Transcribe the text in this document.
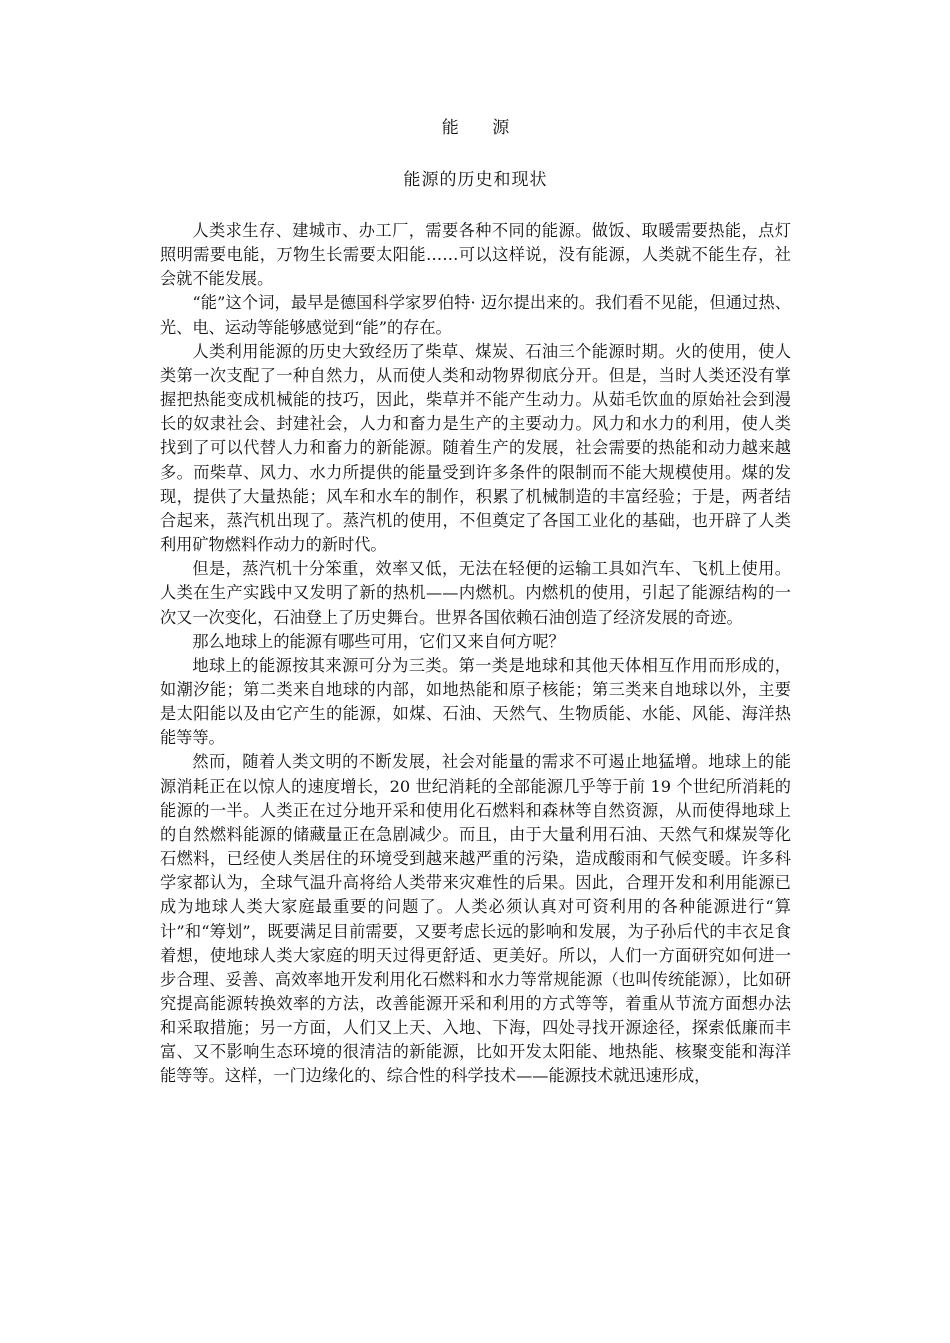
能 源
能源的历史和现状

人类求生存、建城市、办工厂，需要各种不同的能源。做饭、取暖需要热能，点灯照明需要电能，万物生长需要太阳能……可以这样说，没有能源，人类就不能生存，社会就不能发展。

“能”这个词，最早是德国科学家罗伯特· 迈尔提出来的。我们看不见能，但通过热、光、电、运动等能够感觉到“能”的存在。

人类利用能源的历史大致经历了柴草、煤炭、石油三个能源时期。火的使用，使人类第一次支配了一种自然力，从而使人类和动物界彻底分开。但是，当时人类还没有掌握把热能变成机械能的技巧，因此，柴草并不能产生动力。从茹毛饮血的原始社会到漫长的奴隶社会、封建社会，人力和畜力是生产的主要动力。风力和水力的利用，使人类找到了可以代替人力和畜力的新能源。随着生产的发展，社会需要的热能和动力越来越多。而柴草、风力、水力所提供的能量受到许多条件的限制而不能大规模使用。煤的发现，提供了大量热能；风车和水车的制作，积累了机械制造的丰富经验；于是，两者结合起来，蒸汽机出现了。蒸汽机的使用，不但奠定了各国工业化的基础，也开辟了人类利用矿物燃料作动力的新时代。

但是，蒸汽机十分笨重，效率又低，无法在轻便的运输工具如汽车、飞机上使用。人类在生产实践中又发明了新的热机——内燃机。内燃机的使用，引起了能源结构的一次又一次变化，石油登上了历史舞台。世界各国依赖石油创造了经济发展的奇迹。

那么地球上的能源有哪些可用，它们又来自何方呢？

地球上的能源按其来源可分为三类。第一类是地球和其他天体相互作用而形成的，如潮汐能；第二类来自地球的内部，如地热能和原子核能；第三类来自地球以外，主要是太阳能以及由它产生的能源，如煤、石油、天然气、生物质能、水能、风能、海洋热能等等。

然而，随着人类文明的不断发展，社会对能量的需求不可遏止地猛增。地球上的能源消耗正在以惊人的速度增长，20 世纪消耗的全部能源几乎等于前 19 个世纪所消耗的能源的一半。人类正在过分地开采和使用化石燃料和森林等自然资源，从而使得地球上的自然燃料能源的储藏量正在急剧减少。而且，由于大量利用石油、天然气和煤炭等化石燃料，已经使人类居住的环境受到越来越严重的污染，造成酸雨和气候变暖。许多科学家都认为，全球气温升高将给人类带来灾难性的后果。因此，合理开发和利用能源已成为地球人类大家庭最重要的问题了。人类必须认真对可资利用的各种能源进行“算计”和“筹划”，既要满足目前需要，又要考虑长远的影响和发展，为子孙后代的丰衣足食着想，使地球人类大家庭的明天过得更舒适、更美好。所以，人们一方面研究如何进一步合理、妥善、高效率地开发利用化石燃料和水力等常规能源（也叫传统能源），比如研究提高能源转换效率的方法，改善能源开采和利用的方式等等，着重从节流方面想办法和采取措施；另一方面，人们又上天、入地、下海，四处寻找开源途径，探索低廉而丰富、又不影响生态环境的很清洁的新能源，比如开发太阳能、地热能、核聚变能和海洋能等等。这样，一门边缘化的、综合性的科学技术——能源技术就迅速形成，
